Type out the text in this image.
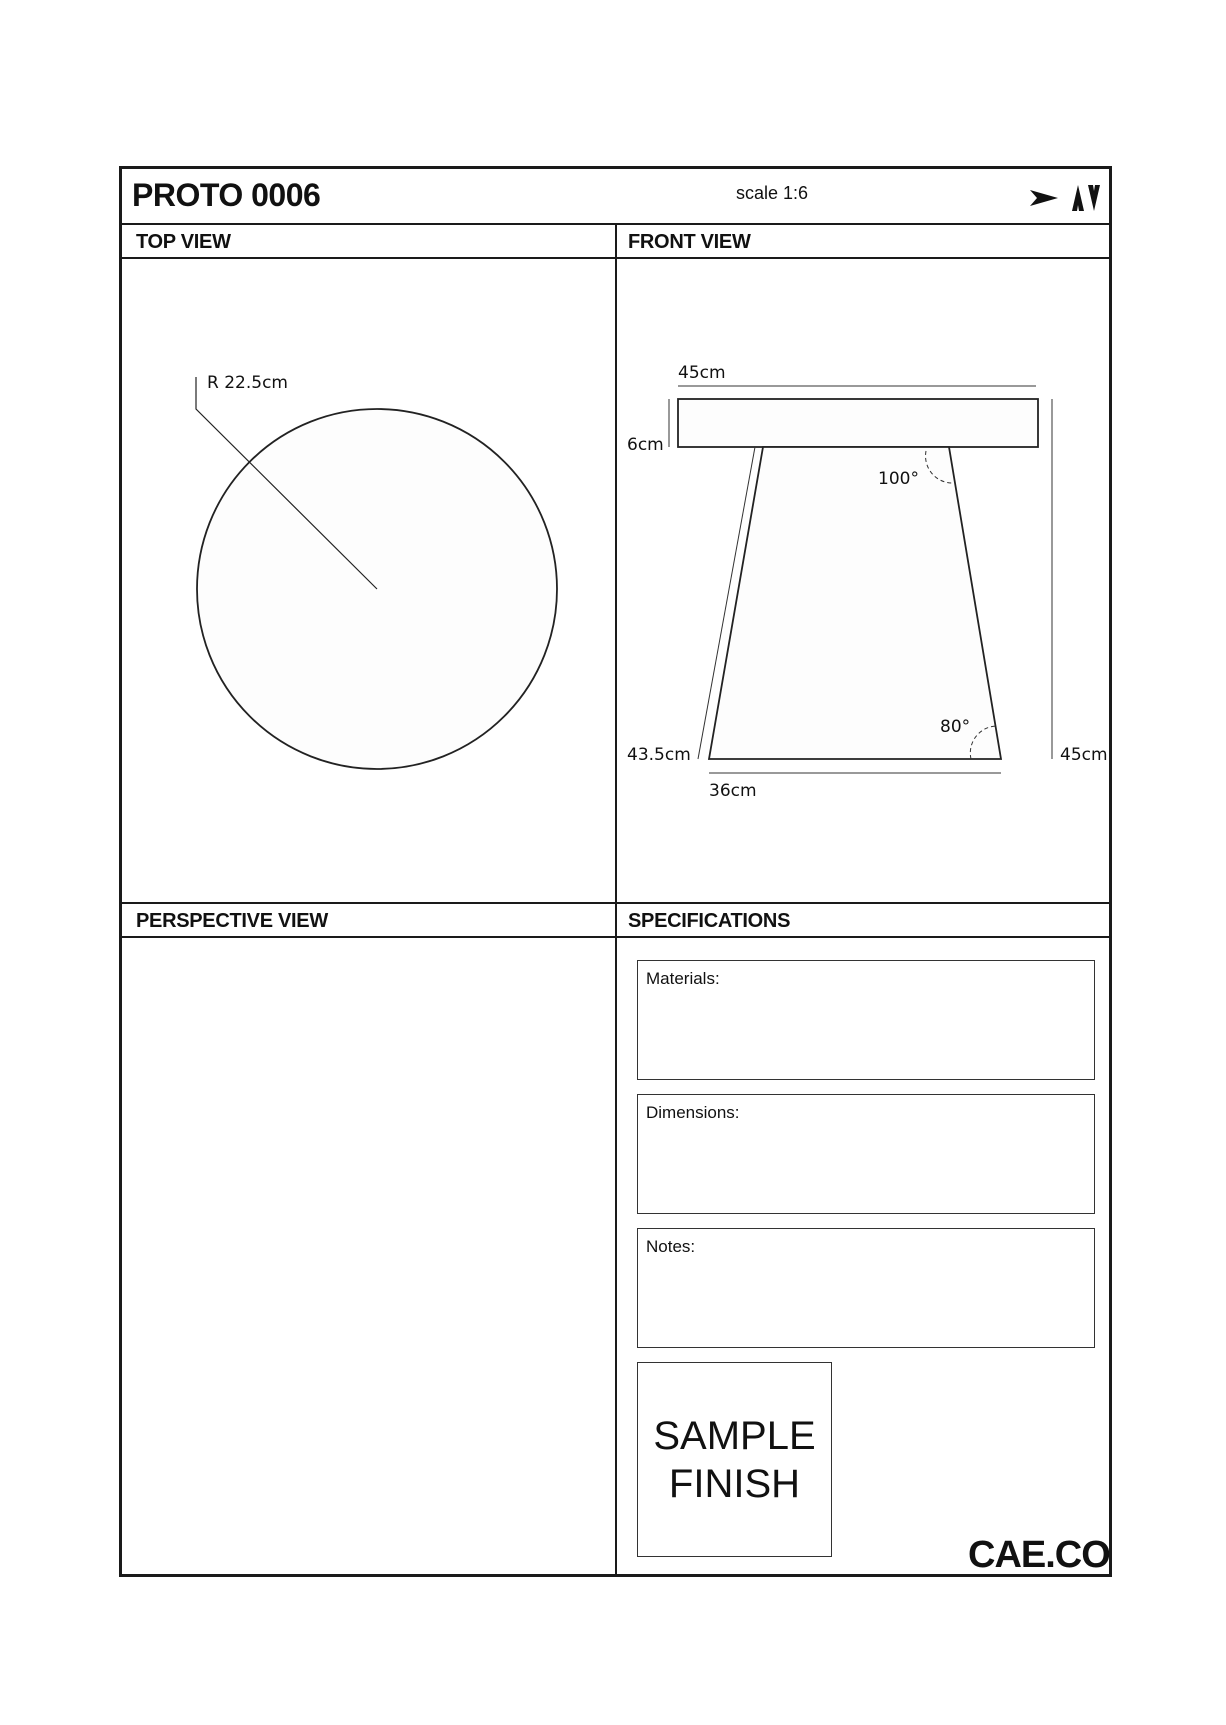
PROTO 0006	scale 1:6
TOP VIEW	FRONT VIEW
PERSPECTIVE VIEW	SPECIFICATIONS
R 22.5cm	45cm
6cm
100°
80°
43.5cm	45cm
36cm
Materials:
Dimensions:
Notes:
SAMPLE
FINISH
CAE.CO
